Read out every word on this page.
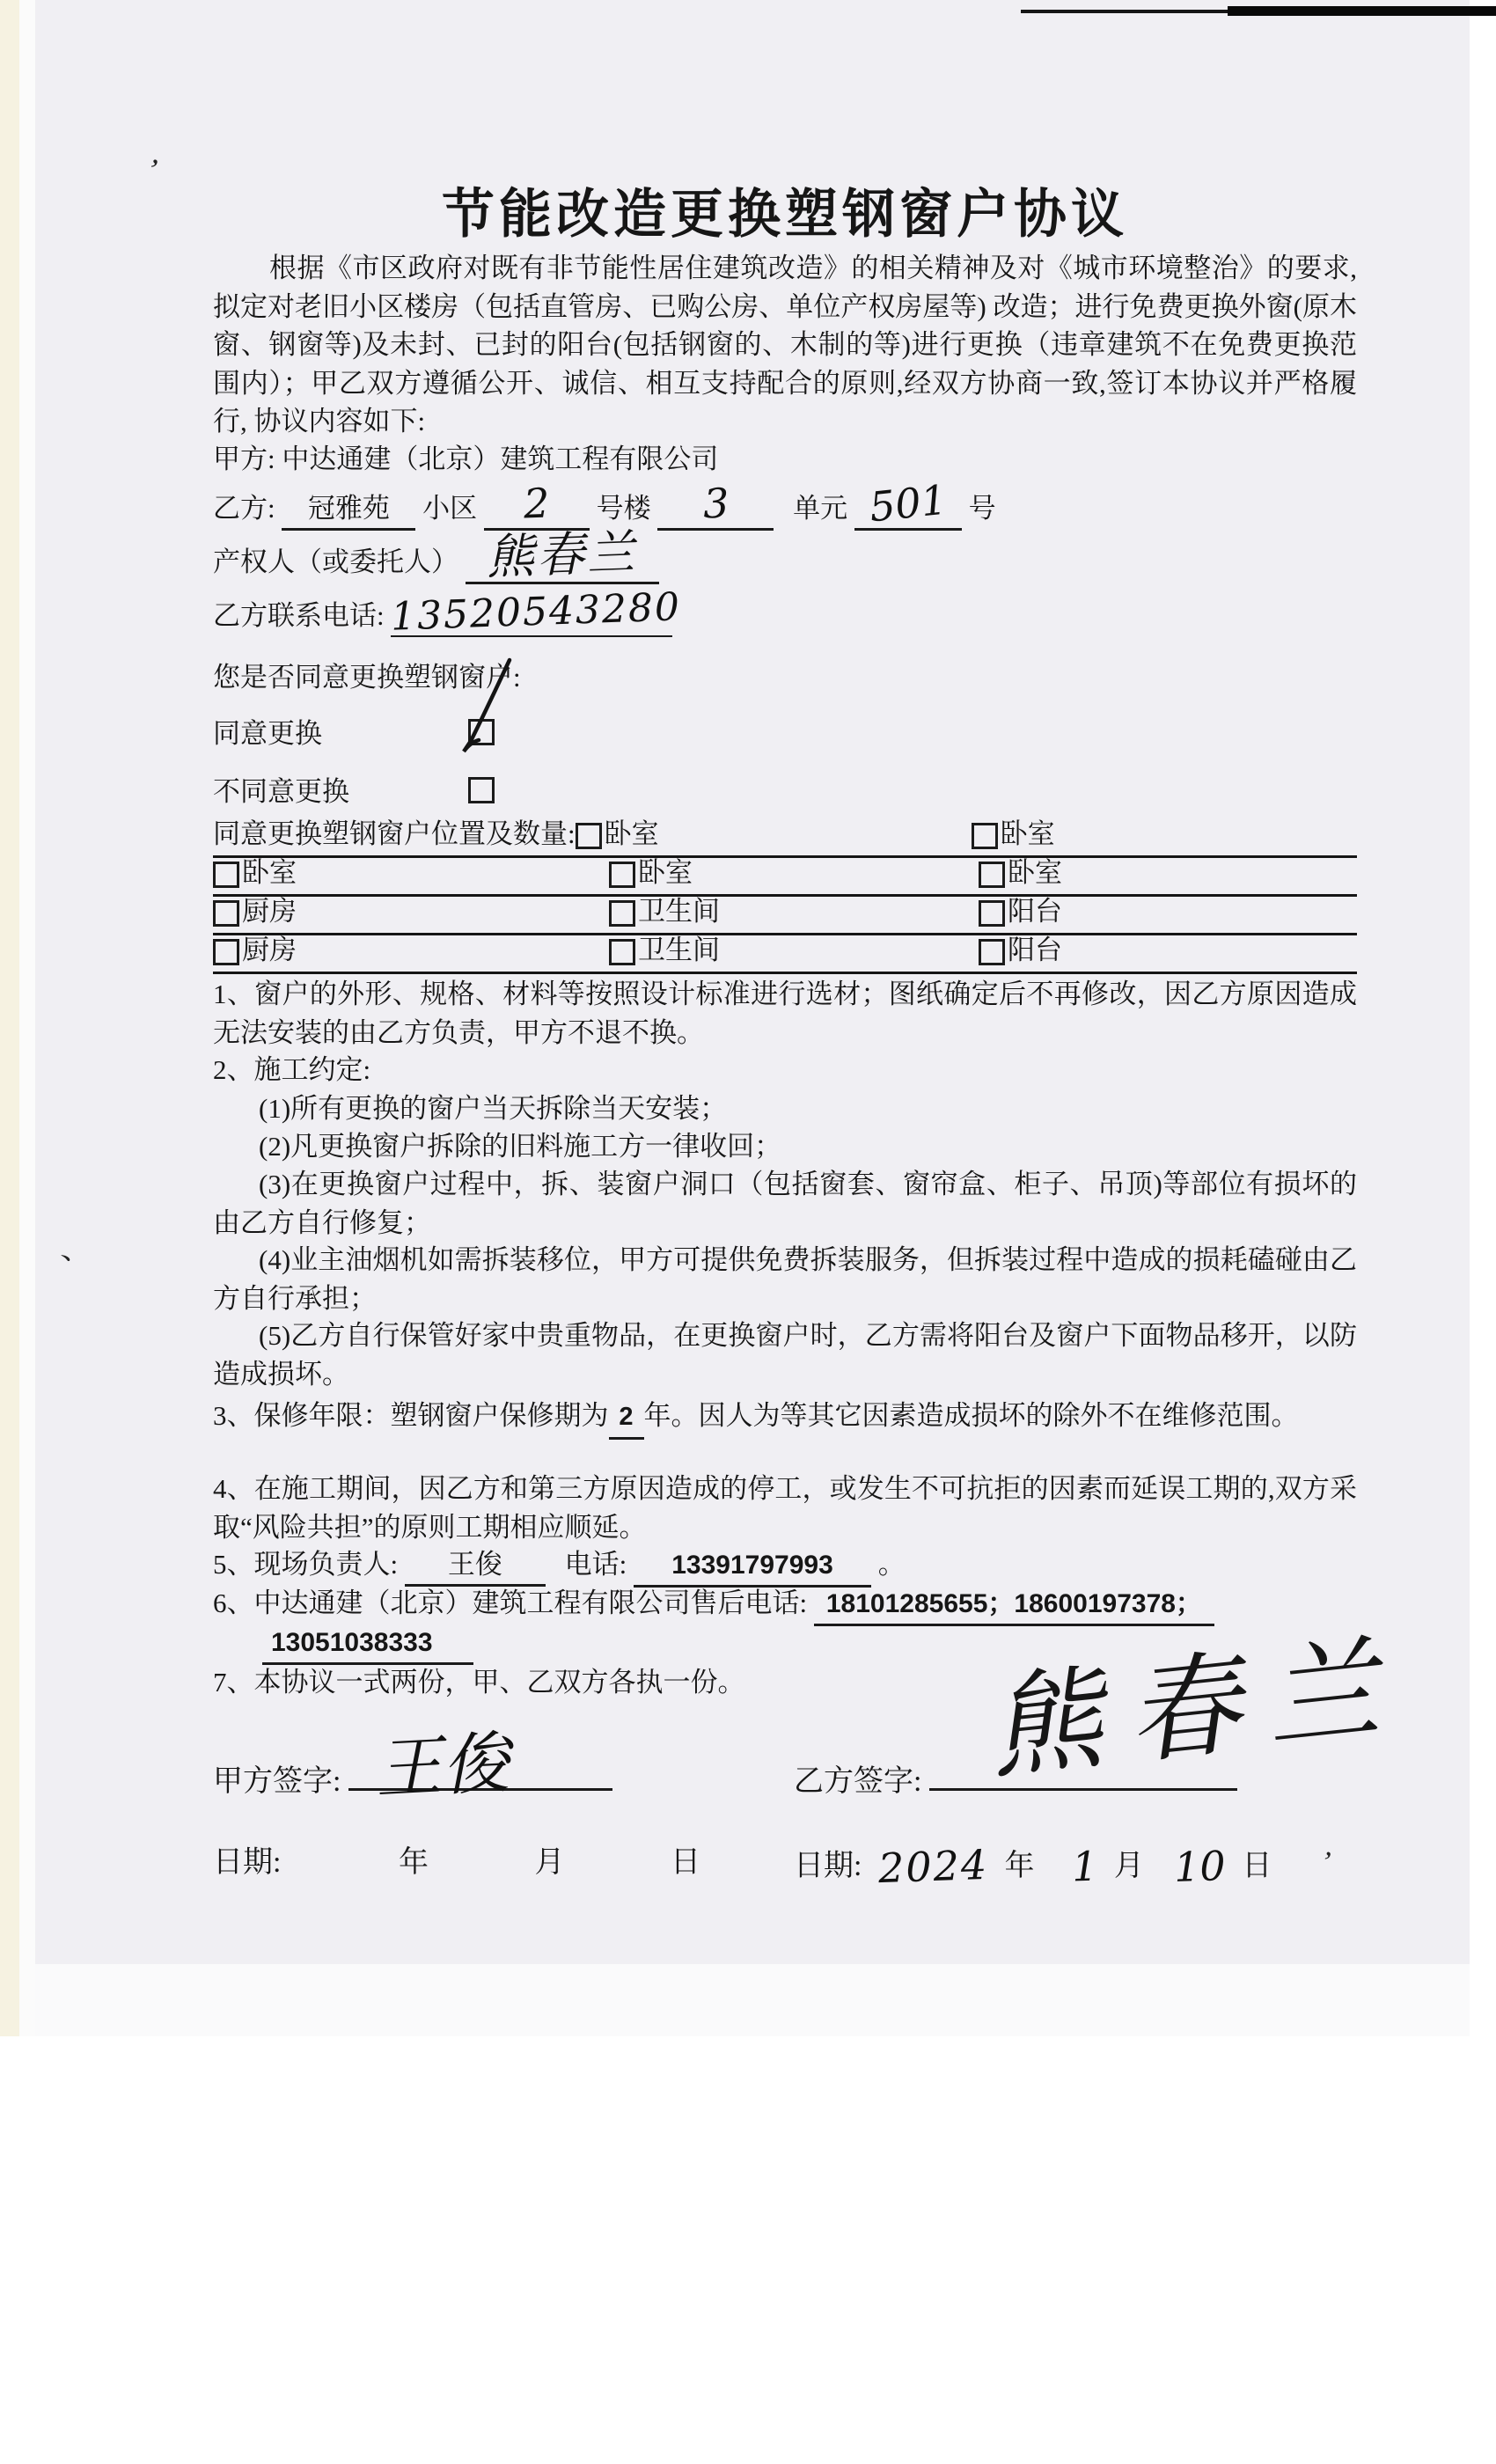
’
、
’
节能改造更换塑钢窗户协议
根据《市区政府对既有非节能性居住建筑改造》的相关精神及对《城市环境整治》的要求,拟定对老旧小区楼房（包括直管房、已购公房、单位产权房屋等) 改造；进行免费更换外窗(原木窗、钢窗等)及未封、已封的阳台(包括钢窗的、木制的等)进行更换（违章建筑不在免费更换范围内）；甲乙双方遵循公开、诚信、相互支持配合的原则,经双方协商一致,签订本协议并严格履行, 协议内容如下:
甲方: 中达通建（北京）建筑工程有限公司
乙方: 冠雅苑 小区 2 号楼 3 单元 501 号
产权人（或委托人） 熊春兰
乙方联系电话: 13520543280
您是否同意更换塑钢窗户:
同意更换
不同意更换
同意更换塑钢窗户位置及数量: 卧室	卧室
卧室	卧室	卧室
厨房	卫生间	阳台
厨房	卫生间	阳台
1、窗户的外形、规格、材料等按照设计标准进行选材；图纸确定后不再修改，因乙方原因造成无法安装的由乙方负责，甲方不退不换。
2、施工约定:
(1)所有更换的窗户当天拆除当天安装；
(2)凡更换窗户拆除的旧料施工方一律收回；
(3)在更换窗户过程中，拆、装窗户洞口（包括窗套、窗帘盒、柜子、吊顶)等部位有损坏的由乙方自行修复；
(4)业主油烟机如需拆装移位，甲方可提供免费拆装服务，但拆装过程中造成的损耗磕碰由乙方自行承担；
(5)乙方自行保管好家中贵重物品，在更换窗户时，乙方需将阳台及窗户下面物品移开，以防造成损坏。
3、保修年限：塑钢窗户保修期为 2 年。因人为等其它因素造成损坏的除外不在维修范围。
4、在施工期间，因乙方和第三方原因造成的停工，或发生不可抗拒的因素而延误工期的,双方采取“风险共担”的原则工期相应顺延。
5、现场负责人: 王俊 电话: 13391797993 。
6、中达通建（北京）建筑工程有限公司售后电话: 18101285655；18600197378；
13051038333
7、本协议一式两份，甲、乙双方各执一份。 熊春兰
甲方签字: 王俊	乙方签字:
日期:	年	月	日	日期: 2024 年 1 月 10 日
